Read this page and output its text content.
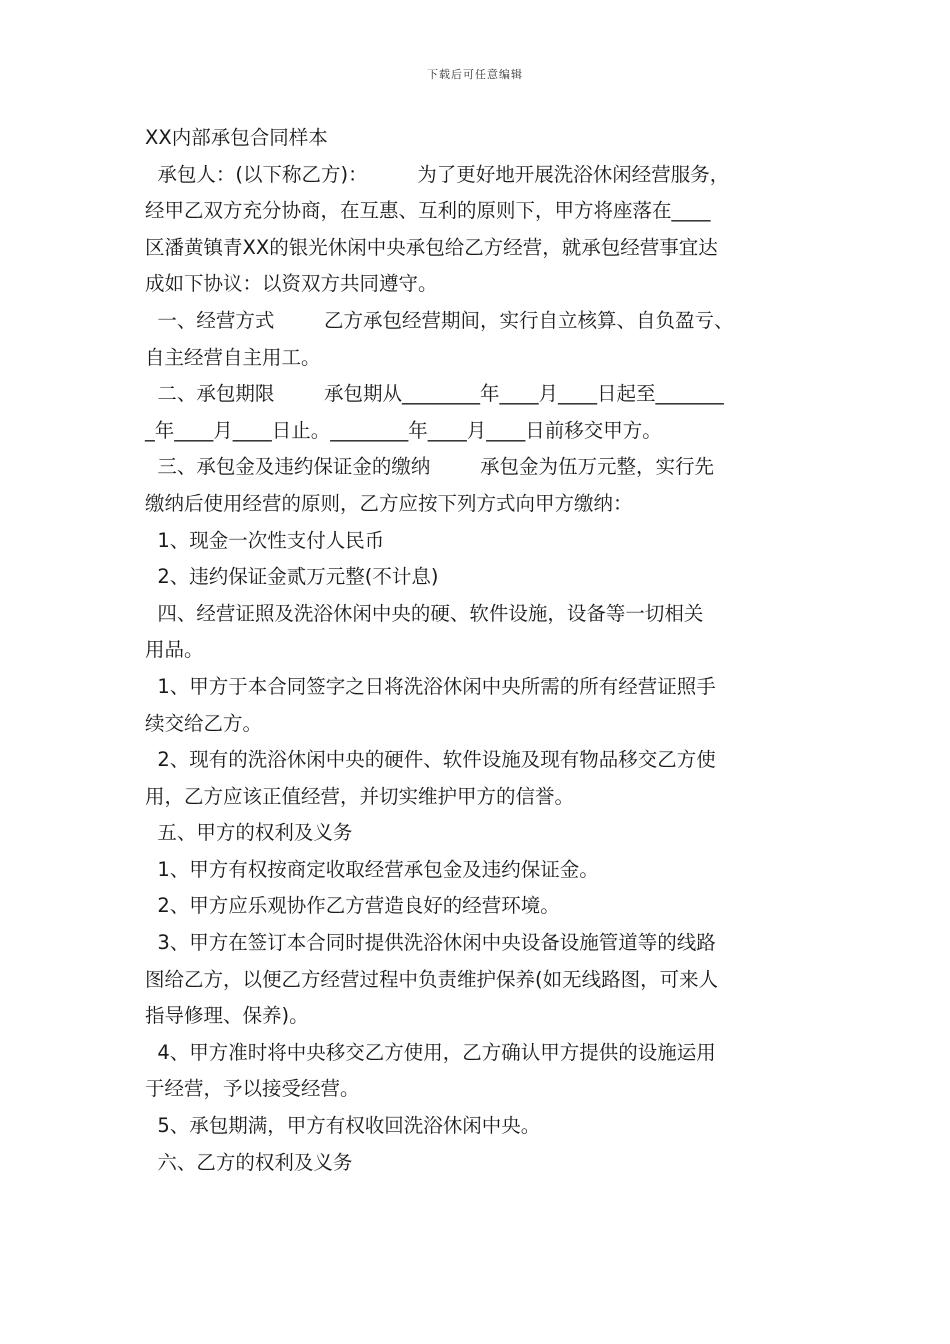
下载后可任意编辑
XX内部承包合同样本
承包人：(以下称乙方)：        为了更好地开展洗浴休闲经营服务，
经甲乙双方充分协商，在互惠、互利的原则下，甲方将座落在____
区潘黄镇青XX的银光休闲中央承包给乙方经营，就承包经营事宜达
成如下协议：以资双方共同遵守。
一、经营方式        乙方承包经营期间，实行自立核算、自负盈亏、
自主经营自主用工。
二、承包期限        承包期从________年____月____日起至_______
_年____月____日止。________年____月____日前移交甲方。
三、承包金及违约保证金的缴纳        承包金为伍万元整，实行先
缴纳后使用经营的原则，乙方应按下列方式向甲方缴纳：
1、现金一次性支付人民币
2、违约保证金贰万元整(不计息)
四、经营证照及洗浴休闲中央的硬、软件设施，设备等一切相关
用品。
1、甲方于本合同签字之日将洗浴休闲中央所需的所有经营证照手
续交给乙方。
2、现有的洗浴休闲中央的硬件、软件设施及现有物品移交乙方使
用，乙方应该正值经营，并切实维护甲方的信誉。
五、甲方的权利及义务
1、甲方有权按商定收取经营承包金及违约保证金。
2、甲方应乐观协作乙方营造良好的经营环境。
3、甲方在签订本合同时提供洗浴休闲中央设备设施管道等的线路
图给乙方，以便乙方经营过程中负责维护保养(如无线路图，可来人
指导修理、保养)。
4、甲方准时将中央移交乙方使用，乙方确认甲方提供的设施运用
于经营，予以接受经营。
5、承包期满，甲方有权收回洗浴休闲中央。
六、乙方的权利及义务
